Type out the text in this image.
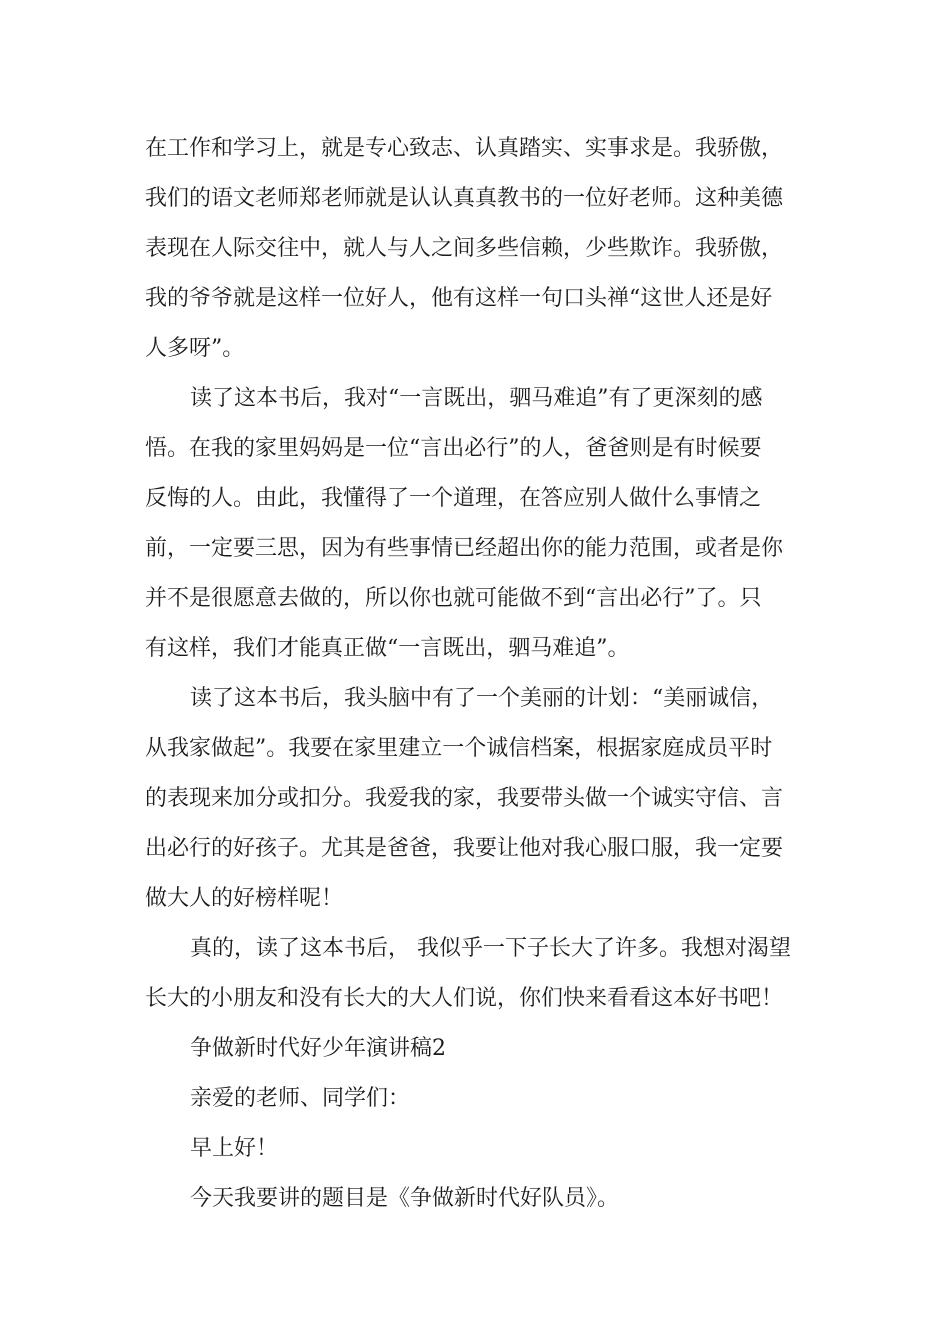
在工作和学习上，就是专心致志、认真踏实、实事求是。我骄傲，
我们的语文老师郑老师就是认认真真教书的一位好老师。这种美德
表现在人际交往中，就人与人之间多些信赖，少些欺诈。我骄傲，
我的爷爷就是这样一位好人，他有这样一句口头禅“这世人还是好
人多呀”。
读了这本书后，我对“一言既出，驷马难追”有了更深刻的感
悟。在我的家里妈妈是一位“言出必行”的人，爸爸则是有时候要
反悔的人。由此，我懂得了一个道理，在答应别人做什么事情之
前，一定要三思，因为有些事情已经超出你的能力范围，或者是你
并不是很愿意去做的，所以你也就可能做不到“言出必行”了。只
有这样，我们才能真正做“一言既出，驷马难追”。
读了这本书后，我头脑中有了一个美丽的计划：“美丽诚信，
从我家做起”。我要在家里建立一个诚信档案，根据家庭成员平时
的表现来加分或扣分。我爱我的家，我要带头做一个诚实守信、言
出必行的好孩子。尤其是爸爸，我要让他对我心服口服，我一定要
做大人的好榜样呢！
真的，读了这本书后， 我似乎一下子长大了许多。我想对渴望
长大的小朋友和没有长大的大人们说，你们快来看看这本好书吧！
争做新时代好少年演讲稿2
亲爱的老师、同学们：
早上好！
今天我要讲的题目是《争做新时代好队员》。
